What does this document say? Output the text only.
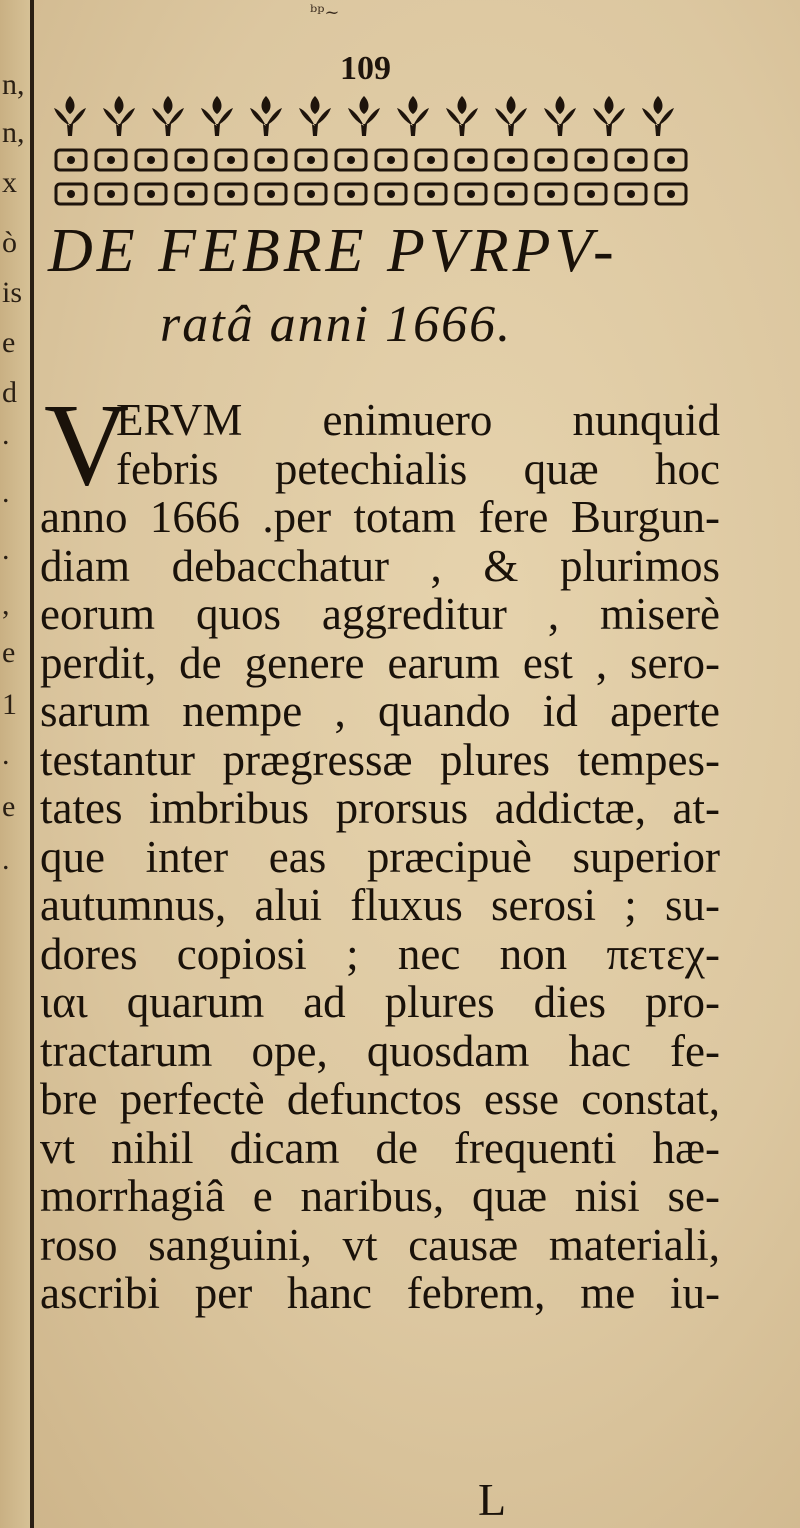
n,
n,
x
ò
is
e
d
.
.
.
,
e
1
.
e
.
ᵇᵖ~
109
DE FEBRE PVRPV-
ratâ anni 1666.
V
ERVM enimuero nunquid
febris petechialis quæ hoc
anno 1666 .per totam fere Burgun-
diam debacchatur , & plurimos
eorum quos aggreditur , miserè
perdit, de genere earum est , sero-
sarum nempe , quando id aperte
testantur prægressæ plures tempes-
tates imbribus prorsus addictæ, at-
que inter eas præcipuè superior
autumnus, alui fluxus serosi ; su-
dores copiosi ; nec non πετεχ-
ιαι quarum ad plures dies pro-
tractarum ope, quosdam hac fe-
bre perfectè defunctos esse constat,
vt nihil dicam de frequenti hæ-
morrhagiâ e naribus, quæ nisi se-
roso sanguini, vt causæ materiali,
ascribi per hanc febrem, me iu-
L
